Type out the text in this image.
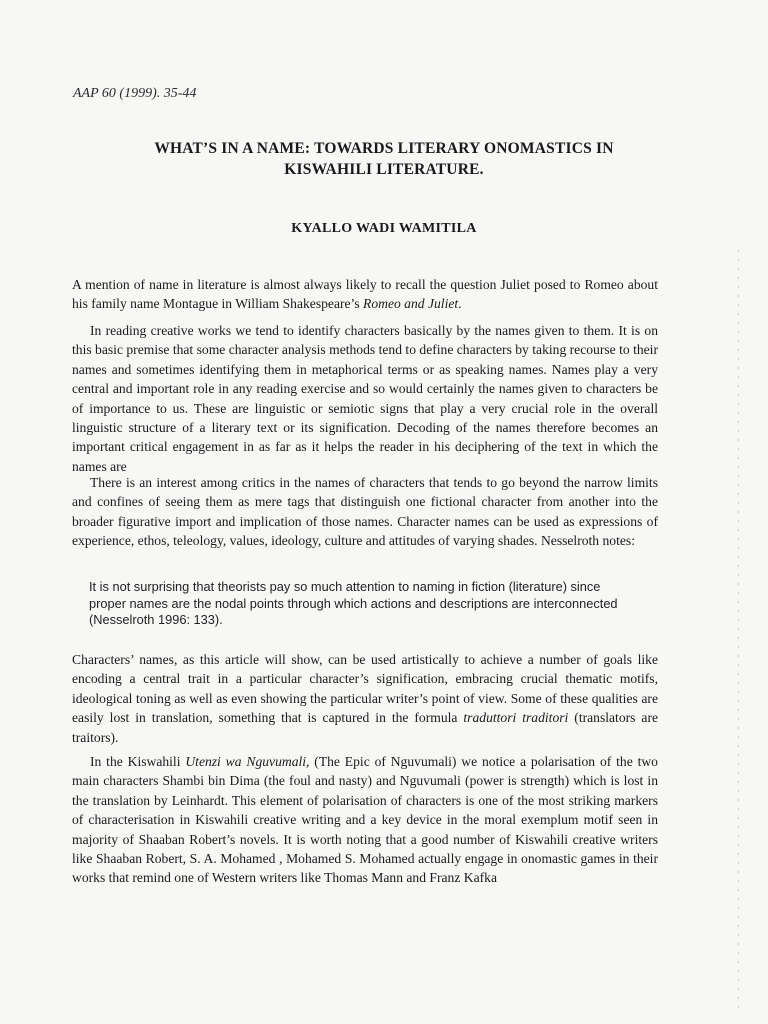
AAP 60 (1999). 35-44
WHAT’S IN A NAME: TOWARDS LITERARY ONOMASTICS IN
KISWAHILI LITERATURE.
KYALLO WADI WAMITILA

A mention of name in literature is almost always likely to recall the question Juliet posed to Romeo about his family name Montague in William Shakespeare’s Romeo and Juliet.

In reading creative works we tend to identify characters basically by the names given to them. It is on this basic premise that some character analysis methods tend to define characters by taking recourse to their names and sometimes identifying them in metaphorical terms or as speaking names. Names play a very central and important role in any reading exercise and so would certainly the names given to characters be of importance to us. These are linguistic or semiotic signs that play a very crucial role in the overall linguistic structure of a literary text or its signification. Decoding of the names therefore becomes an important critical engagement in as far as it helps the reader in his deciphering of the text in which the names are

There is an interest among critics in the names of characters that tends to go beyond the narrow limits and confines of seeing them as mere tags that distinguish one fictional character from another into the broader figurative import and implication of those names. Character names can be used as expressions of experience, ethos, teleology, values, ideology, culture and attitudes of varying shades. Nesselroth notes:

It is not surprising that theorists pay so much attention to naming in fiction (literature) since proper names are the nodal points through which actions and descriptions are interconnected (Nesselroth 1996: 133).

Characters’ names, as this article will show, can be used artistically to achieve a number of goals like encoding a central trait in a particular character’s signification, embracing crucial thematic motifs, ideological toning as well as even showing the particular writer’s point of view. Some of these qualities are easily lost in translation, something that is captured in the formula traduttori traditori (translators are traitors).

In the Kiswahili Utenzi wa Nguvumali, (The Epic of Nguvumali) we notice a polarisation of the two main characters Shambi bin Dima (the foul and nasty) and Nguvumali (power is strength) which is lost in the translation by Leinhardt. This element of polarisation of characters is one of the most striking markers of characterisation in Kiswahili creative writing and a key device in the moral exemplum motif seen in majority of Shaaban Robert’s novels. It is worth noting that a good number of Kiswahili creative writers like Shaaban Robert, S. A. Mohamed , Mohamed S. Mohamed actually engage in onomastic games in their works that remind one of Western writers like Thomas Mann and Franz Kafka
